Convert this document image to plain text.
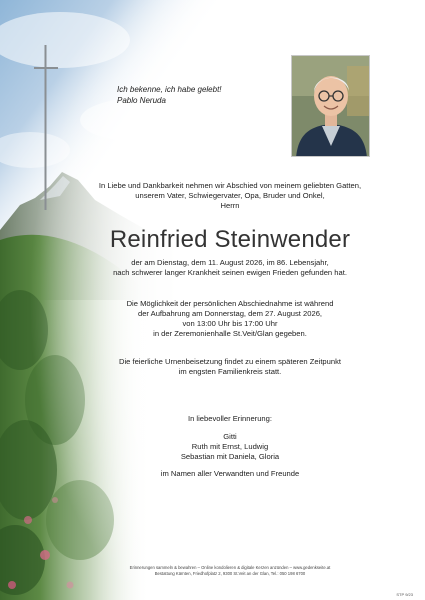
Ich bekenne, ich habe gelebt!
Pablo Neruda
In Liebe und Dankbarkeit nehmen wir Abschied von meinem geliebten Gatten,
unserem Vater, Schwiegervater, Opa, Bruder und Onkel,
Herrn
Reinfried Steinwender
der am Dienstag, dem 11. August 2026, im 86. Lebensjahr,
nach schwerer langer Krankheit seinen ewigen Frieden gefunden hat.
Die Möglichkeit der persönlichen Abschiednahme ist während
der Aufbahrung am Donnerstag, dem 27. August 2026,
von 13:00 Uhr bis 17:00 Uhr
in der Zeremonienhalle St.Veit/Glan gegeben.
Die feierliche Urnenbeisetzung findet zu einem späteren Zeitpunkt
im engsten Familienkreis statt.
In liebevoller Erinnerung:
Gitti
Ruth mit Ernst, Ludwig
Sebastian mit Daniela, Gloria
im Namen aller Verwandten und Freunde
Erinnerungen sammeln & bewahren – Online kondolieren & digitale Kerzen anzünden – www.gedenkseite.at
Bestattung Kärnten, Friedhofplatz 2, 9300 St.Veit an der Glan, Tel.: 050 198 6700
STP 9/23
